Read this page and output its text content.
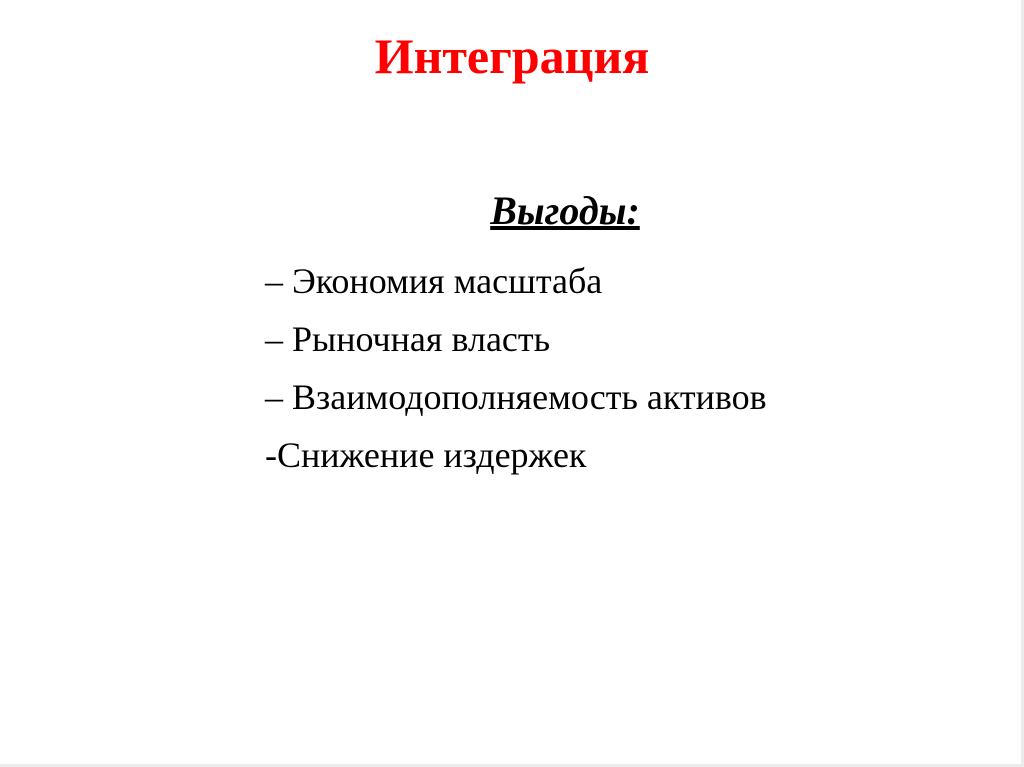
Интеграция
Выгоды:
– Экономия масштаба
– Рыночная власть
– Взаимодополняемость активов
-Снижение издержек
